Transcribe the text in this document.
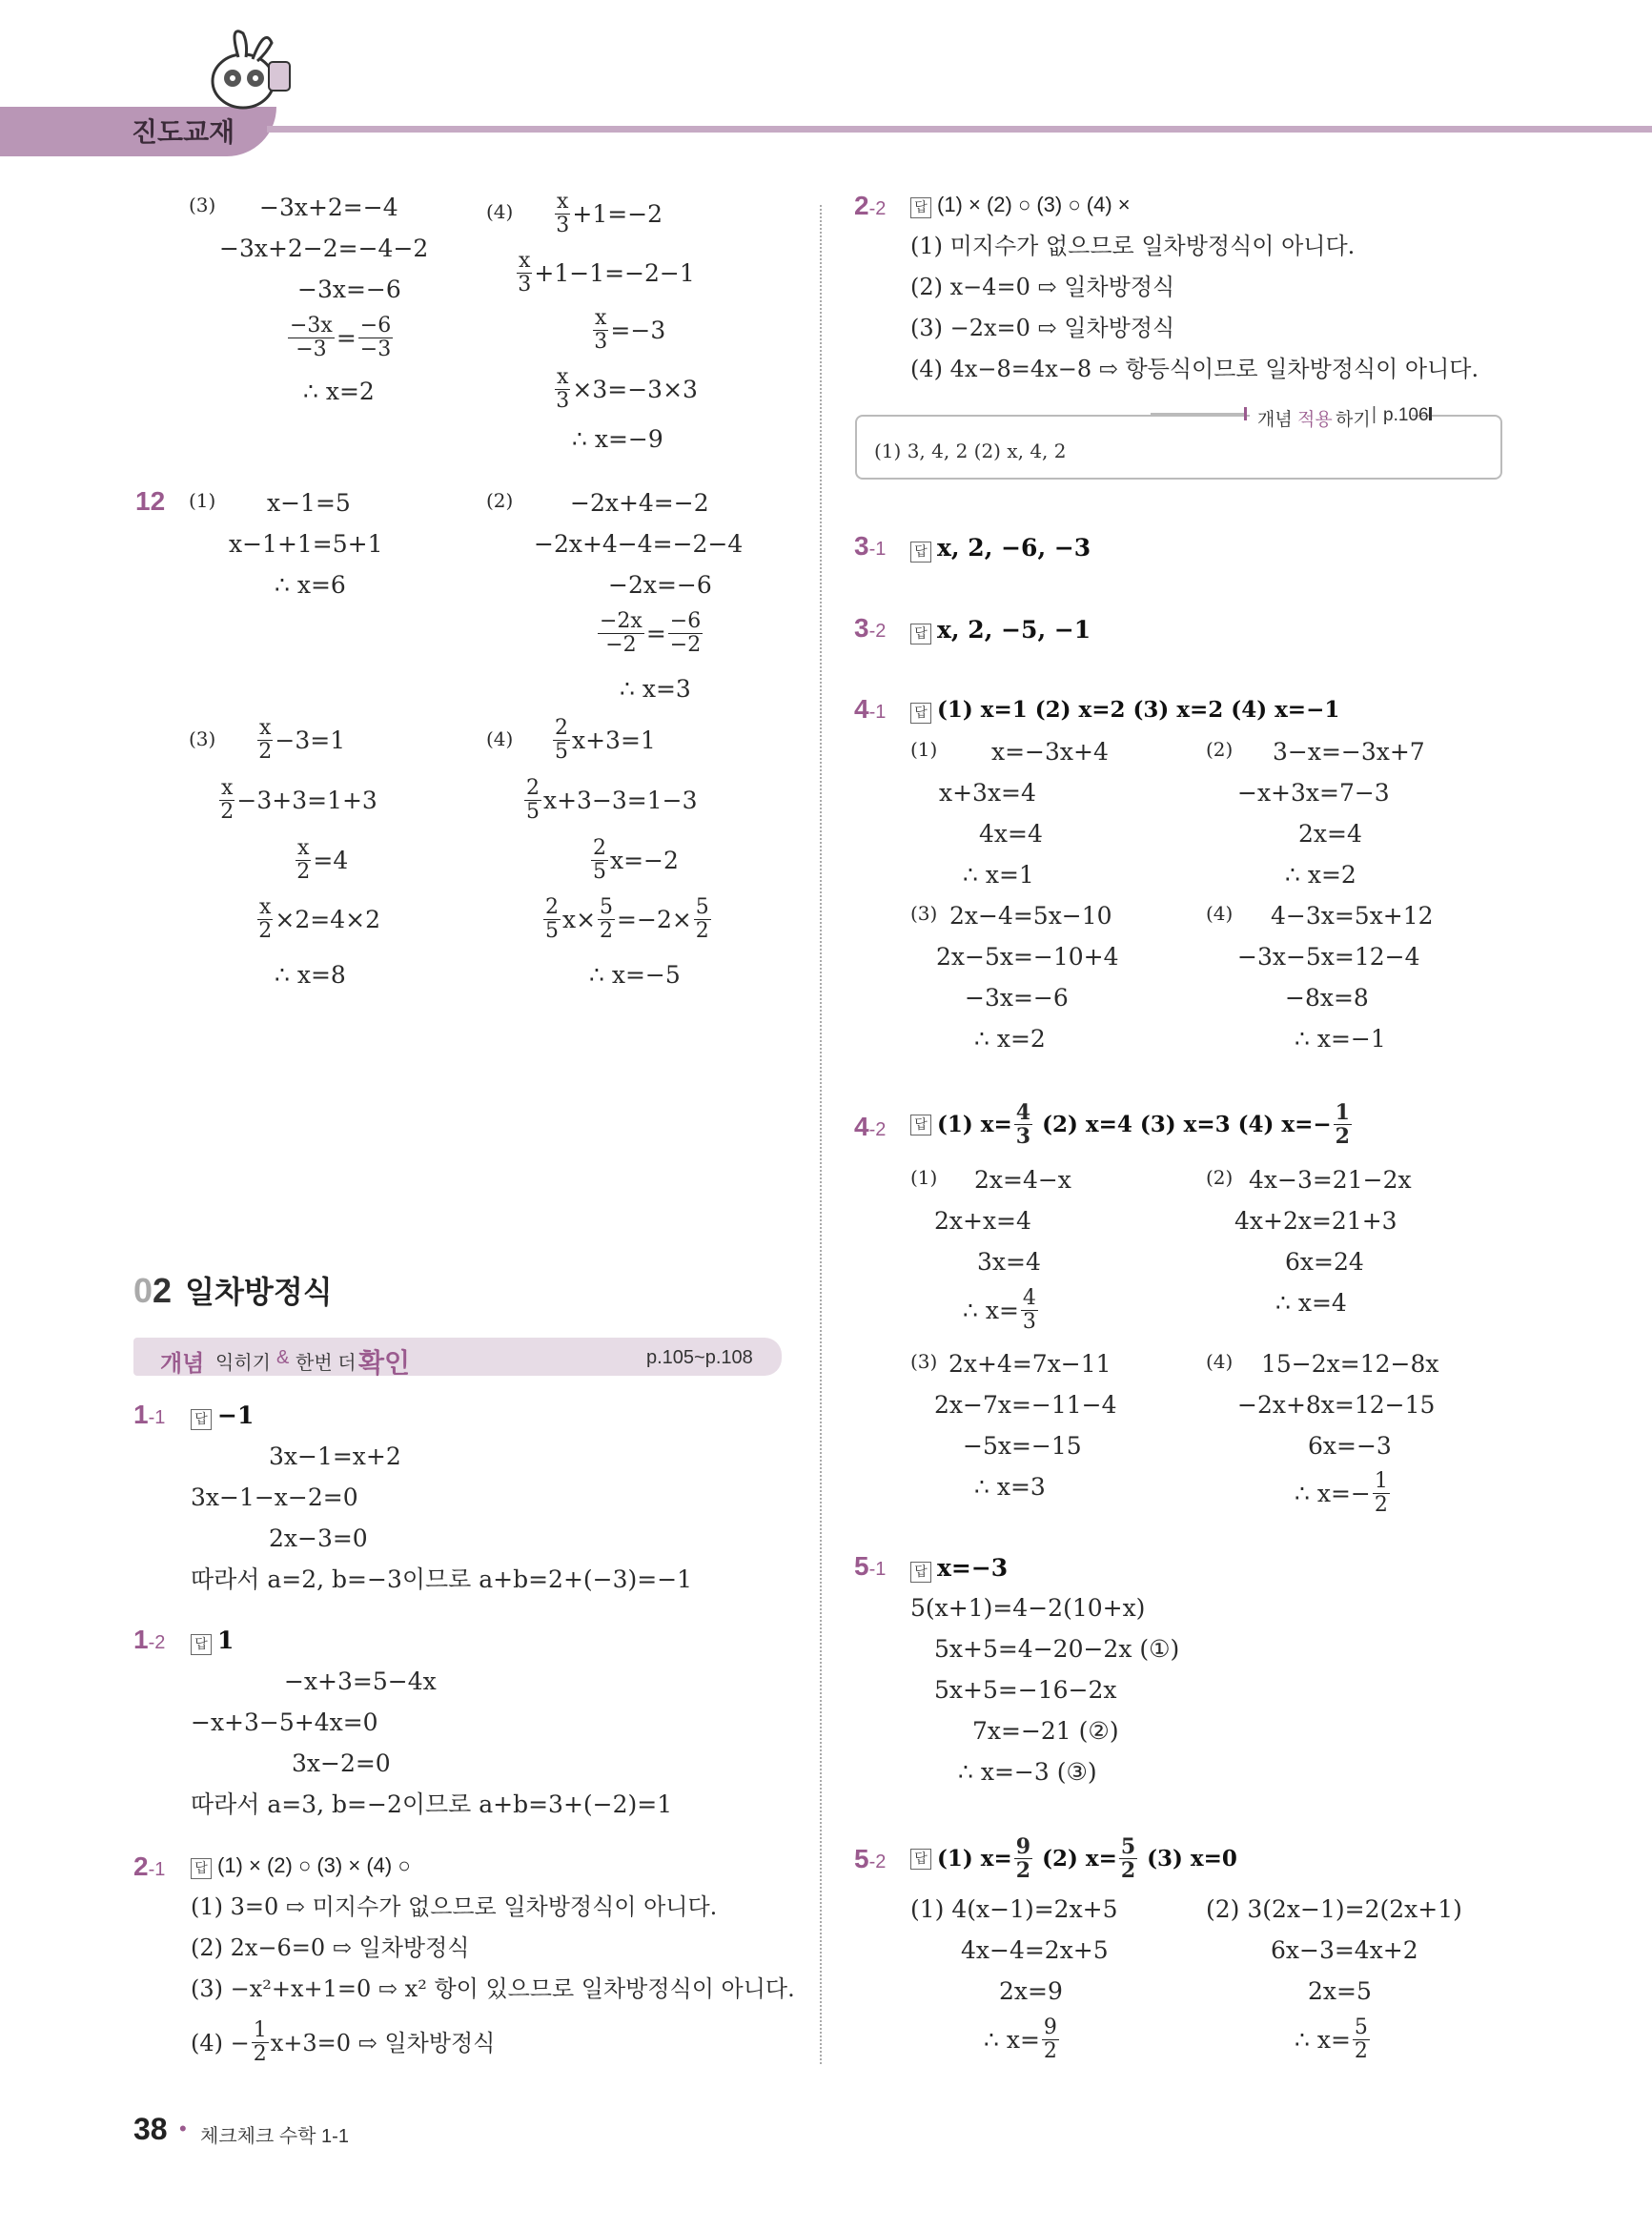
진도교재
(3) −3x+2=−4
−3x+2−2=−4−2
−3x=−6
$\frac{-3x}{-3} = \frac{-6}{-3}$
∴ x=2
$(4) \frac{x}{3} +1=-2$
$\frac{x}{3} +1-1=-2-1$
$\frac{x}{3} =-3$
$\frac{x}{3} \times 3=-3\times 3$
∴ x=−9
12 (1) x−1=5
x−1+1=5+1
∴ x=6
(2) −2x+4=−2
−2x+4−4=−2−4
−2x=−6
$\frac{-2x}{-2} = \frac{-6}{-2}$
∴ x=3
$(3) \frac{x}{2} -3=1$
$\frac{x}{2} -3+3=1+3$
$\frac{x}{2} =4$
$\frac{x}{2} \times 2=4\times 2$
∴ x=8
$(4) \frac{2}{5} x+3=1$
$\frac{2}{5} x+3-3=1-3$
$\frac{2}{5} x=-2$
$\frac{2}{5} x\times \frac{5}{2} =-2\times \frac{5}{2}$
∴ x=−5
02 일차방정식
개념 익히기 & 한번 더 확인	p.105~p.108
1-1	답 −1
3x−1=x+2
3x−1−x−2=0
2x−3=0
따라서 a=2, b=−3이므로 a+b=2+(−3)=−1
1-2	답 1
−x+3=5−4x
−x+3−5+4x=0
3x−2=0
따라서 a=3, b=−2이므로 a+b=3+(−2)=1
2-1	답 (1) × (2) ○ (3) × (4) ○
(1) 3=0 ⇨ 미지수가 없으므로 일차방정식이 아니다.
(2) 2x−6=0 ⇨ 일차방정식
(3) −x²+x+1=0 ⇨ x² 항이 있으므로 일차방정식이 아니다.
$(4) - \frac{1}{2} x+3=0$ ⇨ 일차방정식
2-2	답 (1) × (2) ○ (3) ○ (4) ×
(1) 미지수가 없으므로 일차방정식이 아니다.
(2) x−4=0 ⇨ 일차방정식
(3) −2x=0 ⇨ 일차방정식
(4) 4x−8=4x−8 ⇨ 항등식이므로 일차방정식이 아니다.
개념 적용 하기 | p.106
(1) 3, 4, 2 (2) x, 4, 2
3-1	답 x, 2, −6, −3
3-2	답 x, 2, −5, −1
4-1	답 (1) x=1 (2) x=2 (3) x=2 (4) x=−1
(1) x=−3x+4
x+3x=4
4x=4
∴ x=1
(2) 3−x=−3x+7
−x+3x=7−3
2x=4
∴ x=2
(3) 2x−4=5x−10
2x−5x=−10+4
−3x=−6
∴ x=2
(4) 4−3x=5x+12
−3x−5x=12−4
−8x=8
∴ x=−1
4-2	답 (1) $x= \frac{4}{3} (2)$ x=4 (3) x=3 (4) $x=- \frac{1}{2}$
(1) 2x=4−x
2x+x=4
3x=4
∴ $x= \frac{4}{3}$
(2) 4x−3=21−2x
4x+2x=21+3
6x=24
∴ x=4
(3) 2x+4=7x−11
2x−7x=−11−4
−5x=−15
∴ x=3
(4) 15−2x=12−8x
−2x+8x=12−15
6x=−3
∴ $x=- \frac{1}{2}$
5-1	답 x=−3
5(x+1)=4−2(10+x)
5x+5=4−20−2x (①)
5x+5=−16−2x
7x=−21 (②)
∴ x=−3 (③)
5-2	답 (1) $x= \frac{9}{2} (2)$ $x= \frac{5}{2} (3)$ x=0
(1) 4(x−1)=2x+5
4x−4=2x+5
2x=9
∴ $x= \frac{9}{2}$
(2) 3(2x−1)=2(2x+1)
6x−3=4x+2
2x=5
∴ $x= \frac{5}{2}$
38 • 체크체크 수학 1-1
